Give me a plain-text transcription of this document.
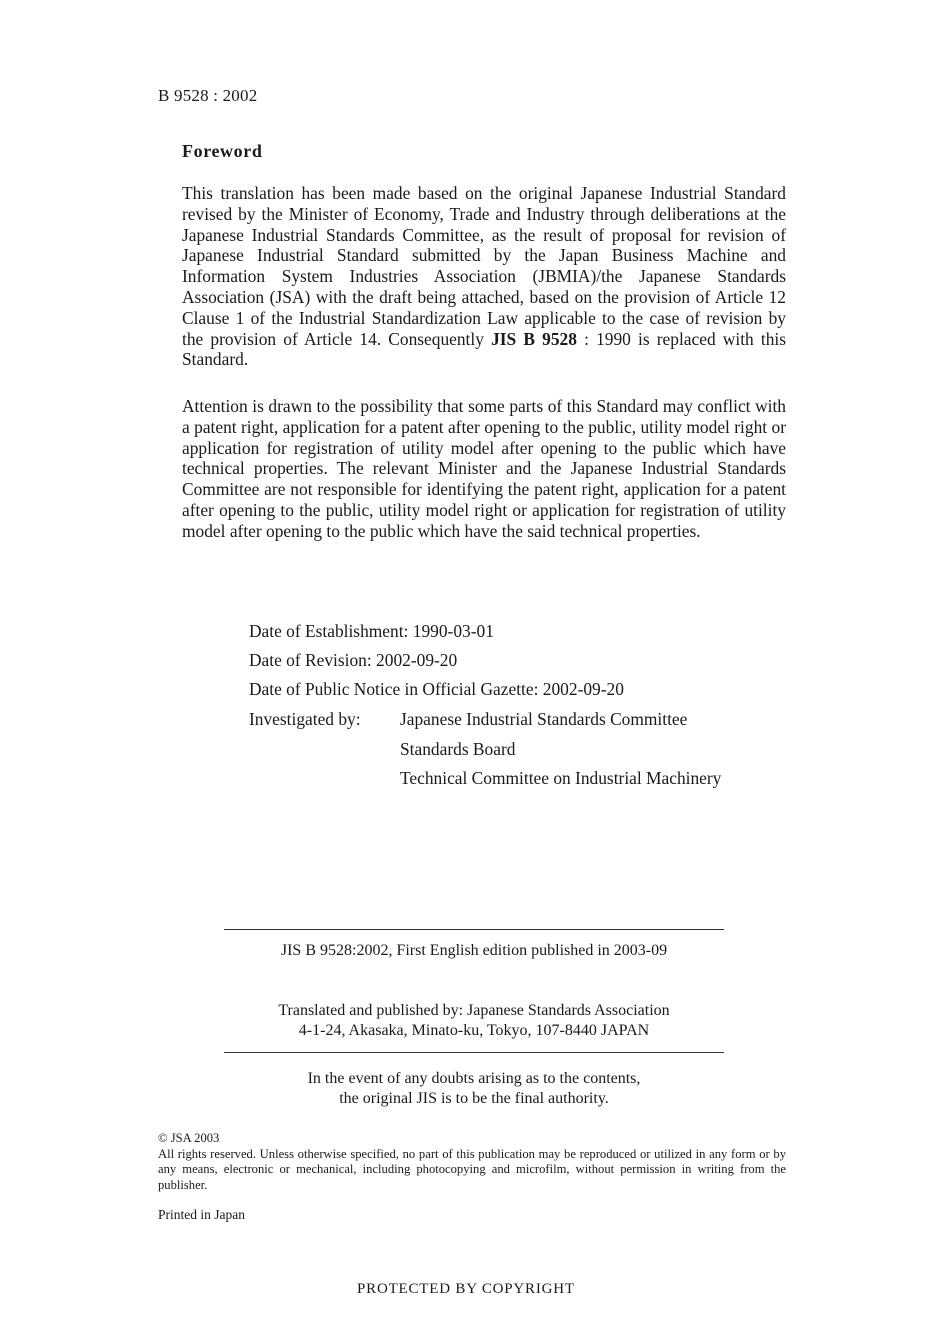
B 9528 : 2002
Foreword

This translation has been made based on the original Japanese Industrial Standard revised by the Minister of Economy, Trade and Industry through deliberations at the Japanese Industrial Standards Committee, as the result of proposal for revision of Japanese Industrial Standard submitted by the Japan Business Machine and Information System Industries Association (JBMIA)/the Japanese Standards Association (JSA) with the draft being attached, based on the provision of Article 12 Clause 1 of the Industrial Standardization Law applicable to the case of revision by the provision of Article 14. Consequently JIS B 9528 : 1990 is replaced with this Standard.

Attention is drawn to the possibility that some parts of this Standard may conflict with a patent right, application for a patent after opening to the public, utility model right or application for registration of utility model after opening to the public which have technical properties. The relevant Minister and the Japanese Industrial Standards Committee are not responsible for identifying the patent right, application for a patent after opening to the public, utility model right or application for registration of utility model after opening to the public which have the said technical properties.

Date of Establishment: 1990-03-01
Date of Revision: 2002-09-20
Date of Public Notice in Official Gazette: 2002-09-20
Investigated by: Japanese Industrial Standards Committee
Standards Board
Technical Committee on Industrial Machinery
JIS B 9528:2002, First English edition published in 2003-09
Translated and published by: Japanese Standards Association
4-1-24, Akasaka, Minato-ku, Tokyo, 107-8440 JAPAN
In the event of any doubts arising as to the contents,
the original JIS is to be the final authority.
© JSA 2003

All rights reserved. Unless otherwise specified, no part of this publication may be reproduced or utilized in any form or by any means, electronic or mechanical, including photocopying and microfilm, without permission in writing from the publisher.

Printed in Japan
PROTECTED BY COPYRIGHT
